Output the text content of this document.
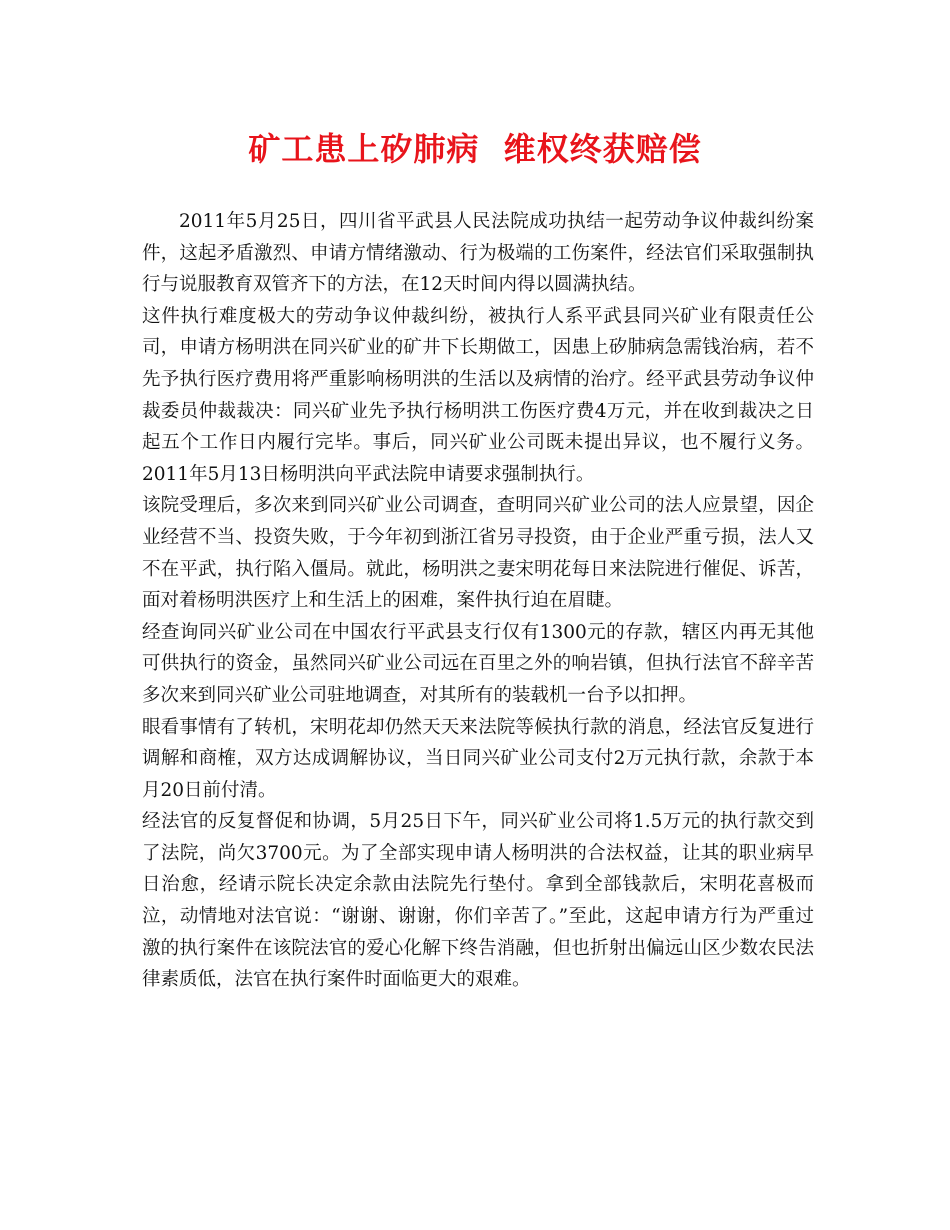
矿工患上矽肺病  维权终获赔偿

2011年5月25日，四川省平武县人民法院成功执结一起劳动争议仲裁纠纷案件，这起矛盾激烈、申请方情绪激动、行为极端的工伤案件，经法官们采取强制执行与说服教育双管齐下的方法，在12天时间内得以圆满执结。

这件执行难度极大的劳动争议仲裁纠纷，被执行人系平武县同兴矿业有限责任公司，申请方杨明洪在同兴矿业的矿井下长期做工，因患上矽肺病急需钱治病，若不先予执行医疗费用将严重影响杨明洪的生活以及病情的治疗。经平武县劳动争议仲裁委员仲裁裁决：同兴矿业先予执行杨明洪工伤医疗费4万元，并在收到裁决之日起五个工作日内履行完毕。事后，同兴矿业公司既未提出异议，也不履行义务。2011年5月13日杨明洪向平武法院申请要求强制执行。

该院受理后，多次来到同兴矿业公司调查，查明同兴矿业公司的法人应景望，因企业经营不当、投资失败，于今年初到浙江省另寻投资，由于企业严重亏损，法人又不在平武，执行陷入僵局。就此，杨明洪之妻宋明花每日来法院进行催促、诉苦，面对着杨明洪医疗上和生活上的困难，案件执行迫在眉睫。

经查询同兴矿业公司在中国农行平武县支行仅有1300元的存款，辖区内再无其他可供执行的资金，虽然同兴矿业公司远在百里之外的响岩镇，但执行法官不辞辛苦多次来到同兴矿业公司驻地调查，对其所有的装载机一台予以扣押。

眼看事情有了转机，宋明花却仍然天天来法院等候执行款的消息，经法官反复进行调解和商榷，双方达成调解协议，当日同兴矿业公司支付2万元执行款，余款于本月20日前付清。

经法官的反复督促和协调，5月25日下午，同兴矿业公司将1.5万元的执行款交到了法院，尚欠3700元。为了全部实现申请人杨明洪的合法权益，让其的职业病早日治愈，经请示院长决定余款由法院先行垫付。拿到全部钱款后，宋明花喜极而泣，动情地对法官说：“谢谢、谢谢，你们辛苦了。”至此，这起申请方行为严重过激的执行案件在该院法官的爱心化解下终告消融，但也折射出偏远山区少数农民法律素质低，法官在执行案件时面临更大的艰难。
